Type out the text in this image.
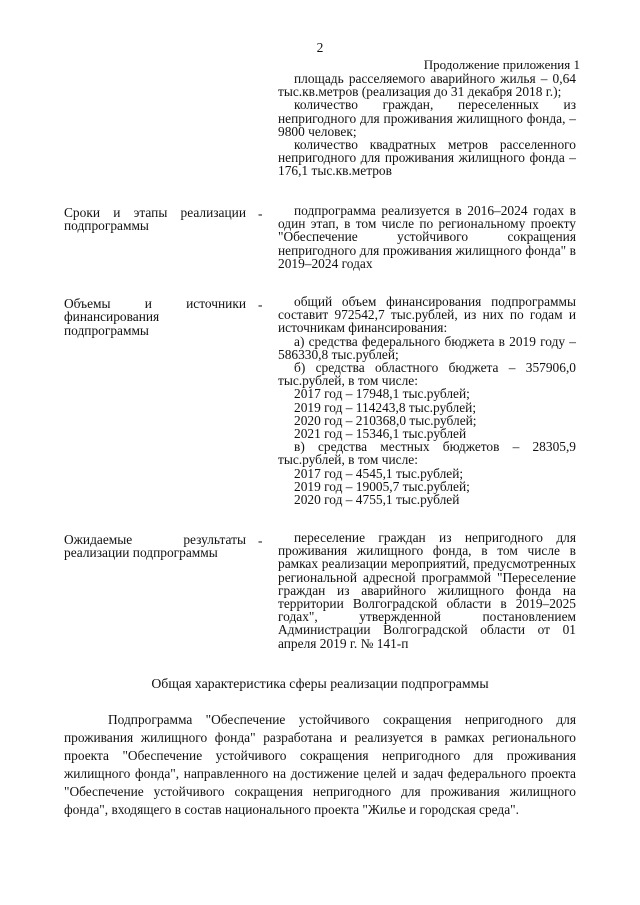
2
Продолжение приложения 1

площадь расселяемого аварийного жилья – 0,64 тыс.кв.метров (реализация до 31 декабря 2018 г.);

количество граждан, переселенных из непригодного для проживания жилищного фонда, – 9800 человек;

количество квадратных метров расселенного непригодного для проживания жилищного фонда – 176,1 тыс.кв.метров

Сроки и этапы реализации подпрограммы
-	подпрограмма реализуется в 2016–2024 годах в один этап, в том числе по региональному проекту "Обеспечение устойчивого сокращения непригодного для проживания жилищного фонда" в 2019–2024 годах

Объемы и источники финансирования подпрограммы
-	общий объем финансирования подпрограммы составит 972542,7 тыс.рублей, из них по годам и источникам финансирования:

а) средства федерального бюджета в 2019 году – 586330,8 тыс.рублей;

б) средства областного бюджета – 357906,0 тыс.рублей, в том числе:

2017 год – 17948,1 тыс.рублей;

2019 год – 114243,8 тыс.рублей;

2020 год – 210368,0 тыс.рублей;

2021 год – 15346,1 тыс.рублей

в) средства местных бюджетов – 28305,9 тыс.рублей, в том числе:

2017 год – 4545,1 тыс.рублей;

2019 год – 19005,7 тыс.рублей;

2020 год – 4755,1 тыс.рублей

Ожидаемые результаты реализации подпрограммы
-	переселение граждан из непригодного для проживания жилищного фонда, в том числе в рамках реализации мероприятий, предусмотренных региональной адресной программой "Переселение граждан из аварийного жилищного фонда на территории Волгоградской области в 2019–2025 годах", утвержденной постановлением Администрации Волгоградской области от 01 апреля 2019 г. № 141-п

Общая характеристика сферы реализации подпрограммы

Подпрограмма "Обеспечение устойчивого сокращения непригодного для проживания жилищного фонда" разработана и реализуется в рамках регионального проекта "Обеспечение устойчивого сокращения непригодного для проживания жилищного фонда", направленного на достижение целей и задач федерального проекта "Обеспечение устойчивого сокращения непригодного для проживания жилищного фонда", входящего в состав национального проекта "Жилье и городская среда".
